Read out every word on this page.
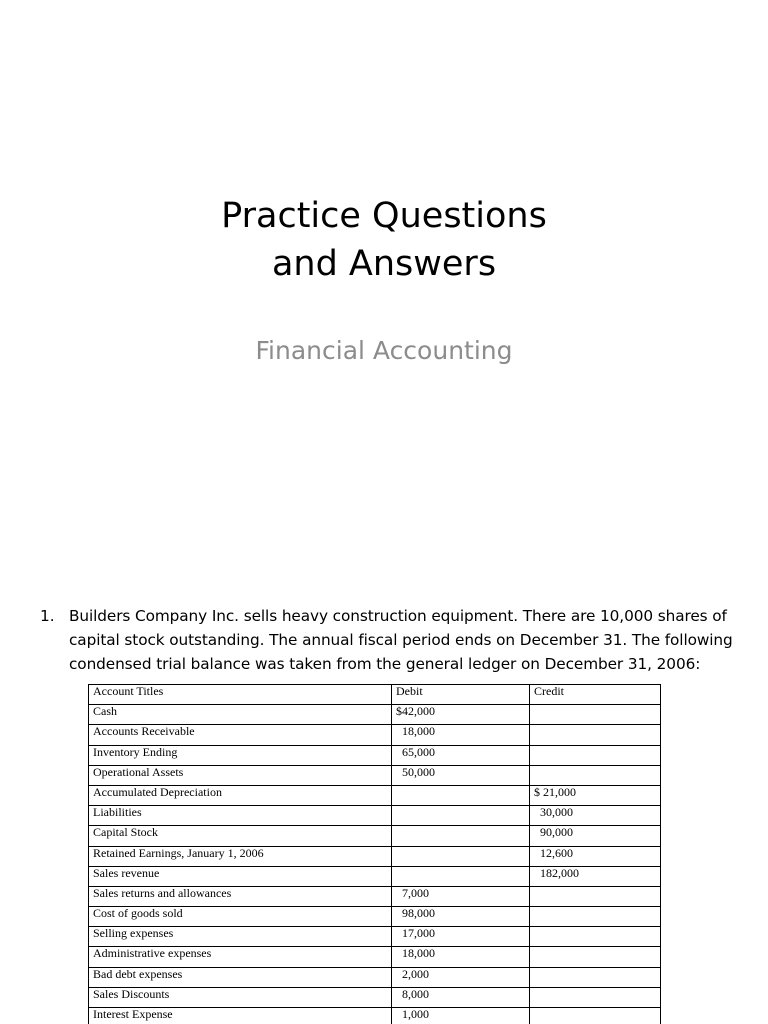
Practice Questions
and Answers

Financial Accounting

1. Builders Company Inc. sells heavy construction equipment. There are 10,000 shares of capital stock outstanding. The annual fiscal period ends on December 31. The following condensed trial balance was taken from the general ledger on December 31, 2006:
Account Titles	Debit	Credit
Cash	$42,000	
Accounts Receivable	18,000	
Inventory Ending	65,000	
Operational Assets	50,000	
Accumulated Depreciation		$ 21,000
Liabilities		30,000
Capital Stock		90,000
Retained Earnings, January 1, 2006		12,600
Sales revenue		182,000
Sales returns and allowances	7,000	
Cost of goods sold	98,000	
Selling expenses	17,000	
Administrative expenses	18,000	
Bad debt expenses	2,000	
Sales Discounts	8,000	
Interest Expense	1,000	
